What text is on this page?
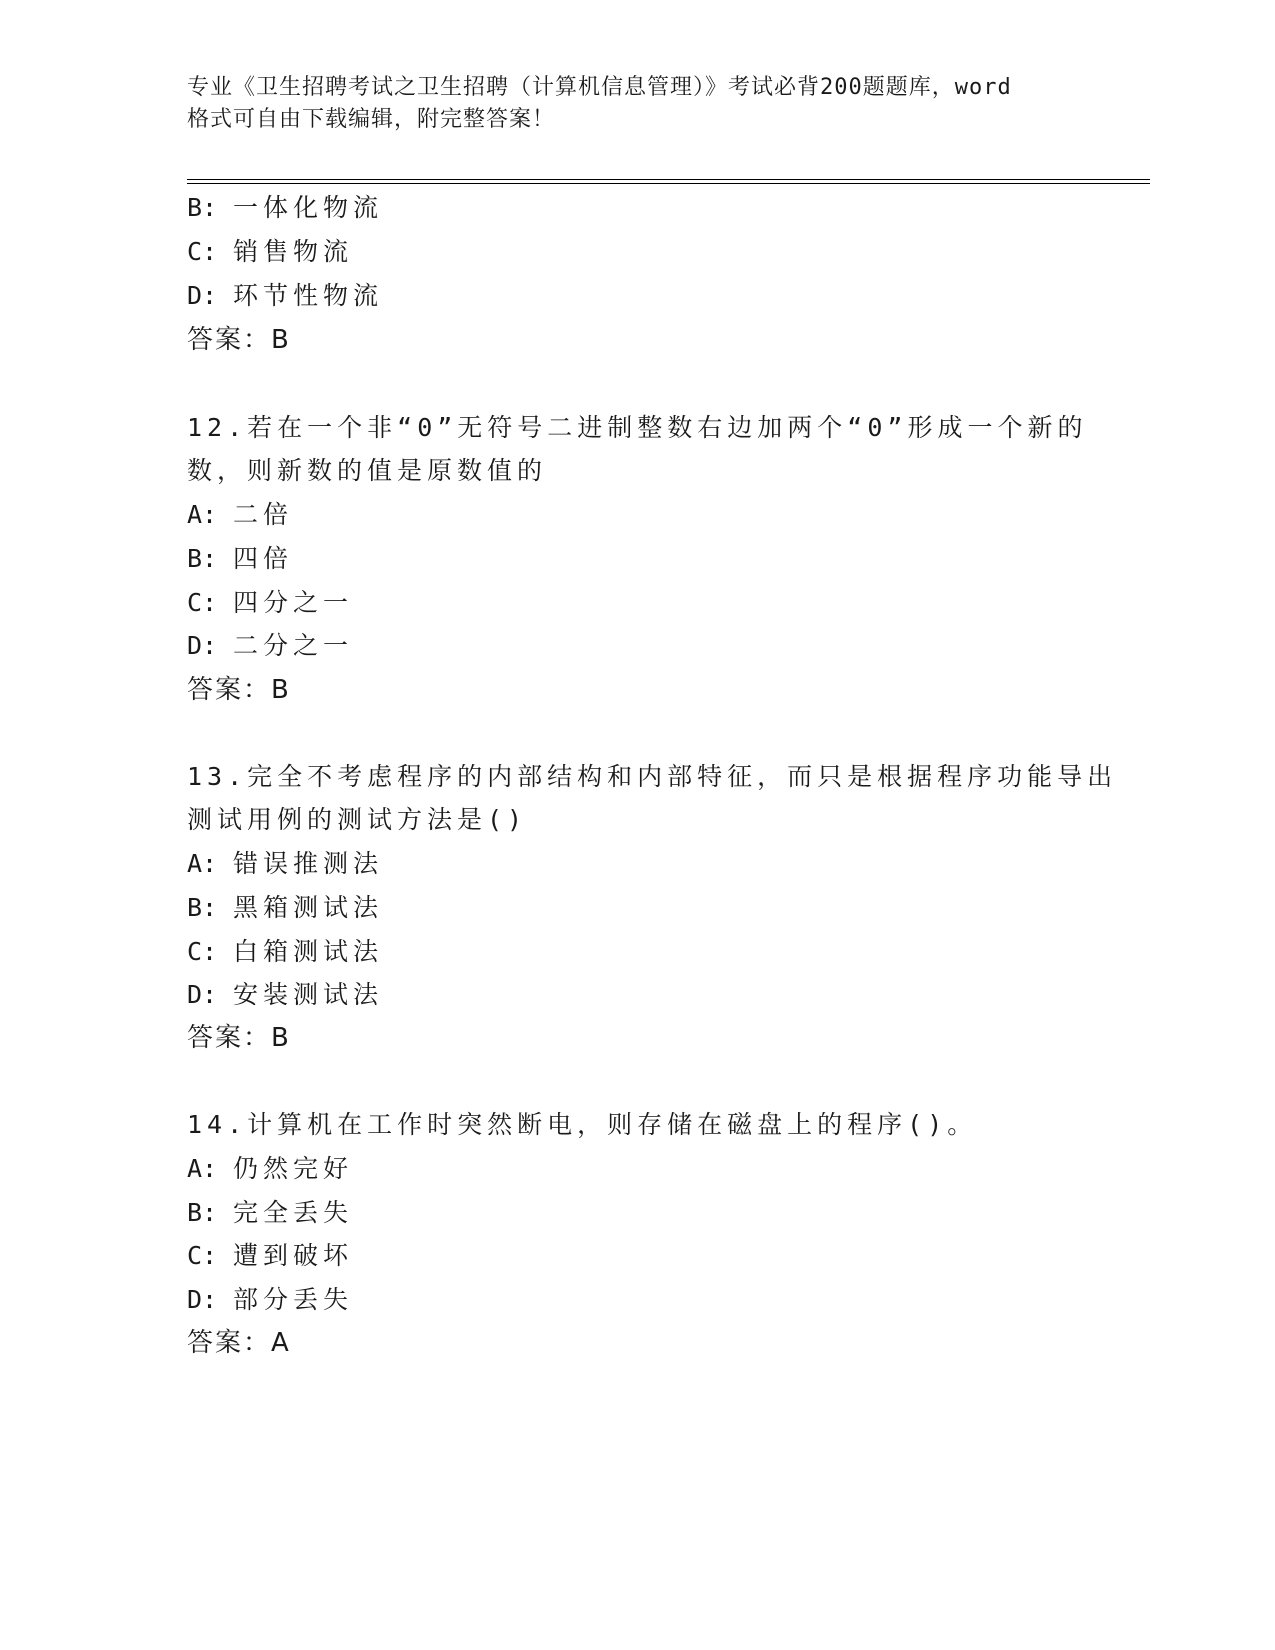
专业《卫生招聘考试之卫生招聘（计算机信息管理）》考试必背200题题库，word
格式可自由下载编辑，附完整答案！
B: 一体化物流
C: 销售物流
D: 环节性物流
答案：B
12.若在一个非“0”无符号二进制整数右边加两个“0”形成一个新的
数，则新数的值是原数值的
A: 二倍
B: 四倍
C: 四分之一
D: 二分之一
答案：B
13.完全不考虑程序的内部结构和内部特征，而只是根据程序功能导出
测试用例的测试方法是()
A: 错误推测法
B: 黑箱测试法
C: 白箱测试法
D: 安装测试法
答案：B
14.计算机在工作时突然断电，则存储在磁盘上的程序()。
A: 仍然完好
B: 完全丢失
C: 遭到破坏
D: 部分丢失
答案：A
